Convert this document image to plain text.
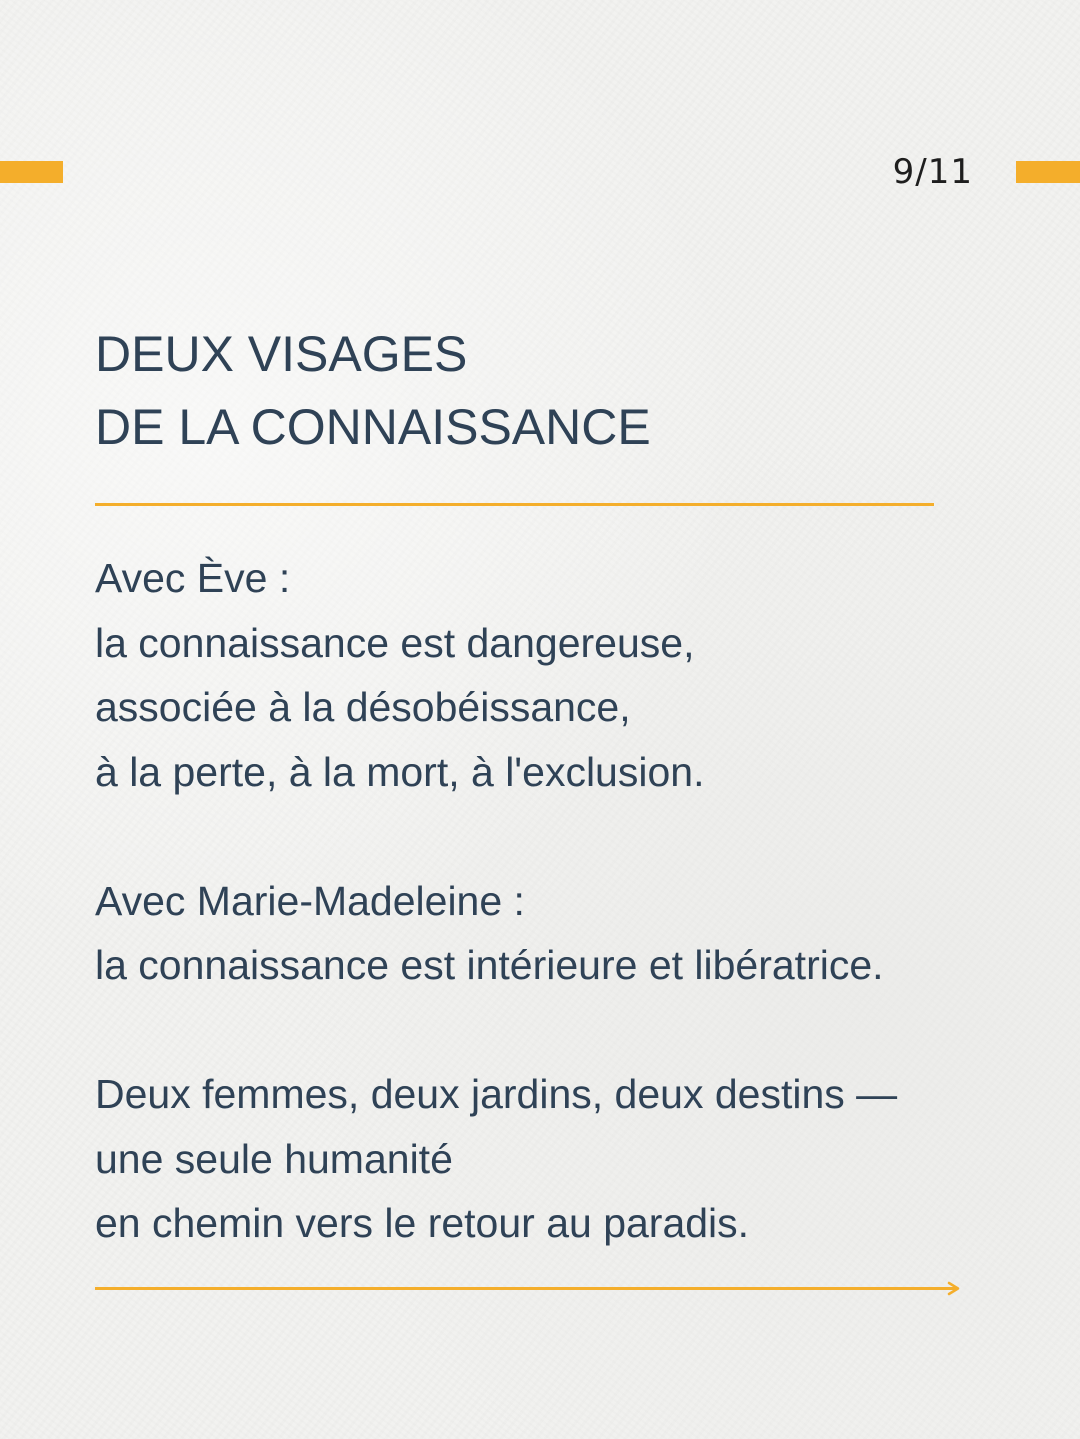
9/11
DEUX VISAGES
DE LA CONNAISSANCE

Avec Ève :
la connaissance est dangereuse,
associée à la désobéissance,
à la perte, à la mort, à l'exclusion.

Avec Marie-Madeleine :
la connaissance est intérieure et libératrice.

Deux femmes, deux jardins, deux destins —
une seule humanité
en chemin vers le retour au paradis.
